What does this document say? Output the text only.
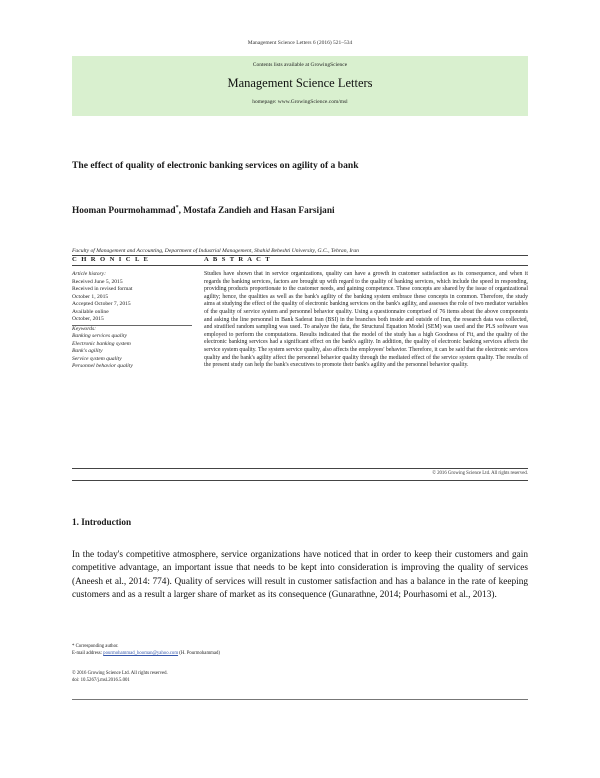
Management Science Letters 6 (2016) 521–534
Contents lists available at GrowingScience
Management Science Letters
homepage: www.GrowingScience.com/msl
The effect of quality of electronic banking services on agility of a bank
Hooman Pourmohammad*, Mostafa Zandieh and Hasan Farsijani
Faculty of Management and Accounting, Department of Industrial Management, Shahid Beheshti University, G.C., Tehran, Iran
C H R O N I C L E	A B S T R A C T
Article history:
Received June 5, 2015
Received in revised format
October 1, 2015
Accepted October 7, 2015
Available online
October, 2015
Keywords:
Banking services quality
Electronic banking system
Bank's agility
Service system quality
Personnel behavior quality
Studies have shown that in service organizations, quality can have a growth in customer satisfaction as its consequence, and when it regards the banking services, factors are brought up with regard to the quality of banking services, which include the speed in responding, providing products proportionate to the customer needs, and gaining competence. These concepts are shared by the issue of organizational agility; hence, the qualities as well as the bank's agility of the banking system embrace these concepts in common. Therefore, the study aims at studying the effect of the quality of electronic banking services on the bank's agility, and assesses the role of two mediator variables of the quality of service system and personnel behavior quality. Using a questionnaire comprised of 76 items about the above components and asking the line personnel in Bank Saderat Iran (BSI) in the branches both inside and outside of Iran, the research data was collected, and stratified random sampling was used. To analyze the data, the Structural Equation Model (SEM) was used and the PLS software was employed to perform the computations. Results indicated that the model of the study has a high Goodness of Fit, and the quality of the electronic banking services had a significant effect on the bank's agility. In addition, the quality of electronic banking services affects the service system quality. The system service quality, also affects the employees' behavior. Therefore, it can be said that the electronic services quality and the bank's agility affect the personnel behavior quality through the mediated effect of the service system quality. The results of the present study can help the bank's executives to promote their bank's agility and the personnel behavior quality.
© 2016 Growing Science Ltd. All rights reserved.
1. Introduction
In the today's competitive atmosphere, service organizations have noticed that in order to keep their customers and gain competitive advantage, an important issue that needs to be kept into consideration is improving the quality of services (Aneesh et al., 2014: 774). Quality of services will result in customer satisfaction and has a balance in the rate of keeping customers and as a result a larger share of market as its consequence (Gunarathne, 2014; Pourhasomi et al., 2013).
* Corresponding author.
E-mail address: pourmohammad_hooman@yahoo.com (H. Pourmohammad)
© 2016 Growing Science Ltd. All rights reserved.
doi: 10.5267/j.msl.2016.5.001
